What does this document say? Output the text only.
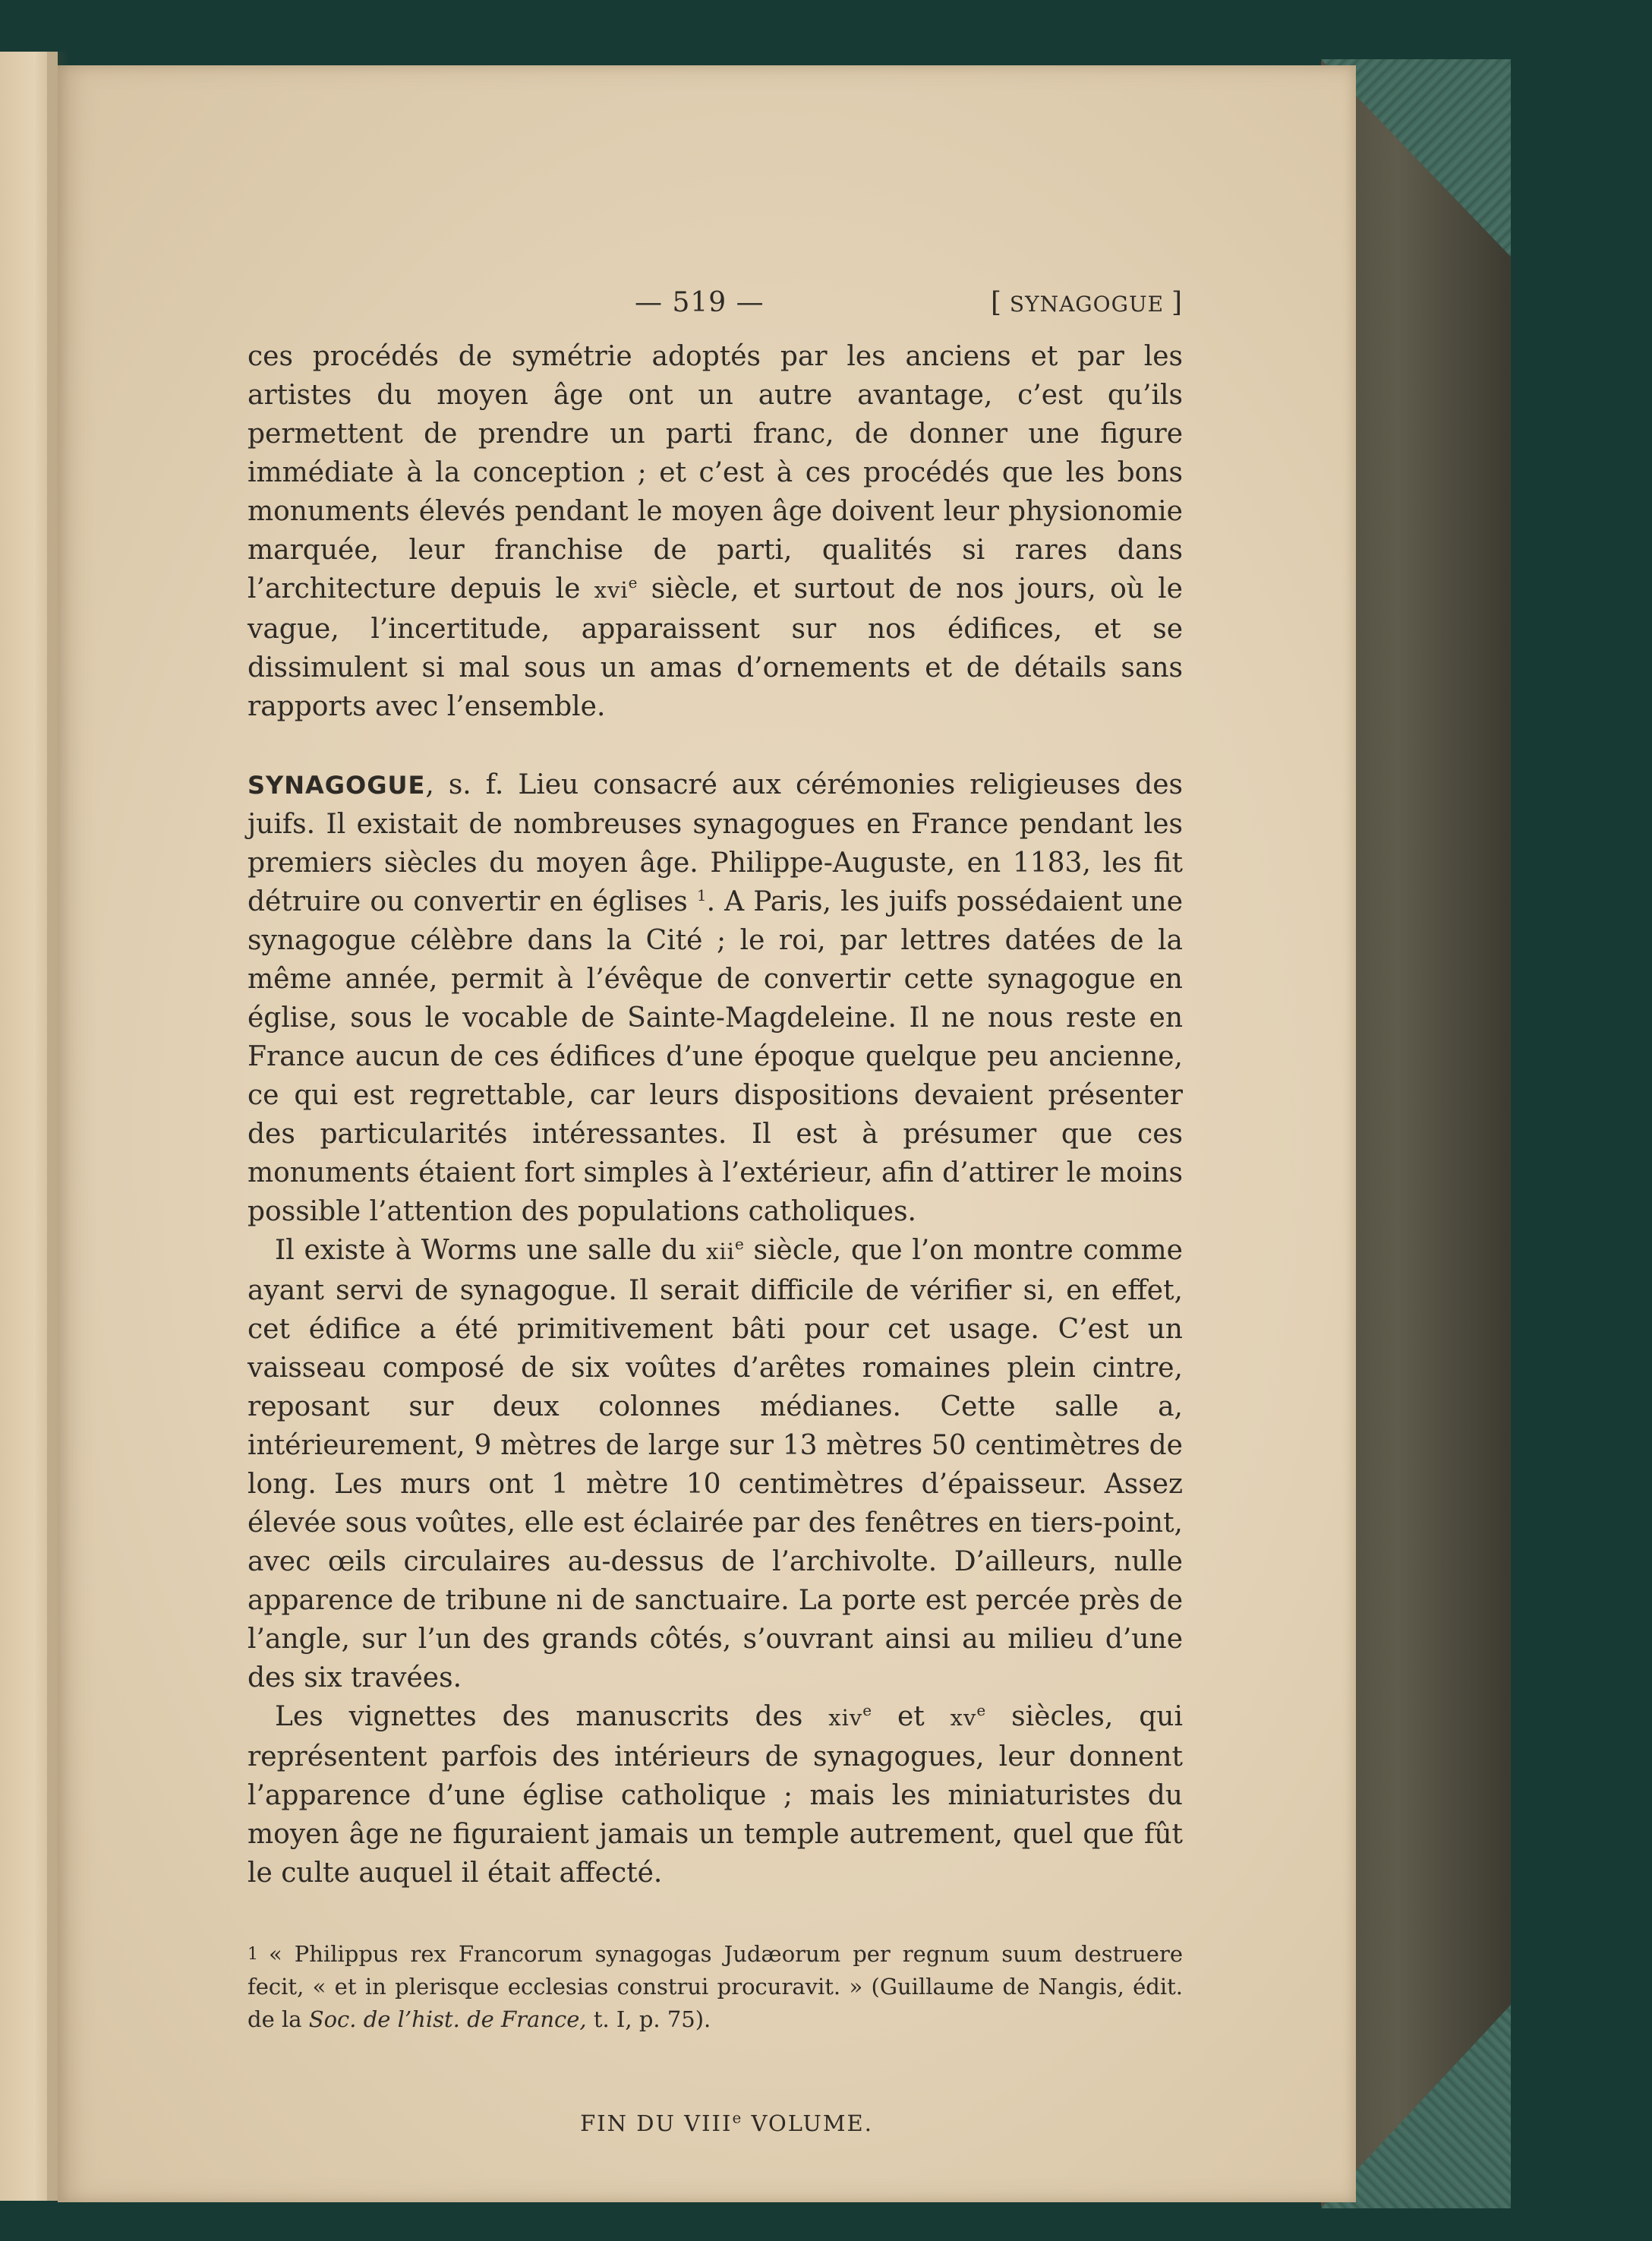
— 519 —	[ SYNAGOGUE ]

ces procédés de symétrie adoptés par les anciens et par les artistes du moyen âge ont un autre avantage, c’est qu’ils permettent de prendre un parti franc, de donner une figure immédiate à la conception ; et c’est à ces procédés que les bons monuments élevés pendant le moyen âge doivent leur physionomie marquée, leur franchise de parti, qualités si rares dans l’architecture depuis le xvi$^e$ siècle, et surtout de nos jours, où le vague, l’incertitude, apparaissent sur nos édifices, et se dissimulent si mal sous un amas d’ornements et de détails sans rapports avec l’ensemble.

SYNAGOGUE, s. f. Lieu consacré aux cérémonies religieuses des juifs. Il existait de nombreuses synagogues en France pendant les premiers siècles du moyen âge. Philippe-Auguste, en 1183, les fit détruire ou convertir en églises $^1$. A Paris, les juifs possédaient une synagogue célèbre dans la Cité ; le roi, par lettres datées de la même année, permit à l’évêque de convertir cette synagogue en église, sous le vocable de Sainte-Magdeleine. Il ne nous reste en France aucun de ces édifices d’une époque quelque peu ancienne, ce qui est regrettable, car leurs dispositions devaient présenter des particularités intéressantes. Il est à présumer que ces monuments étaient fort simples à l’extérieur, afin d’attirer le moins possible l’attention des populations catholiques.

Il existe à Worms une salle du xii$^e$ siècle, que l’on montre comme ayant servi de synagogue. Il serait difficile de vérifier si, en effet, cet édifice a été primitivement bâti pour cet usage. C’est un vaisseau composé de six voûtes d’arêtes romaines plein cintre, reposant sur deux colonnes médianes. Cette salle a, intérieurement, 9 mètres de large sur 13 mètres 50 centimètres de long. Les murs ont 1 mètre 10 centimètres d’épaisseur. Assez élevée sous voûtes, elle est éclairée par des fenêtres en tiers-point, avec œils circulaires au-dessus de l’archivolte. D’ailleurs, nulle apparence de tribune ni de sanctuaire. La porte est percée près de l’angle, sur l’un des grands côtés, s’ouvrant ainsi au milieu d’une des six travées.

Les vignettes des manuscrits des xiv$^e$ et $xv^e$ siècles, qui représentent parfois des intérieurs de synagogues, leur donnent l’apparence d’une église catholique ; mais les miniaturistes du moyen âge ne figuraient jamais un temple autrement, quel que fût le culte auquel il était affecté.

$^1$ « Philippus rex Francorum synagogas Judæorum per regnum suum destruere fecit, « et in plerisque ecclesias construi procuravit. » (Guillaume de Nangis, édit. de la Soc. de l’hist. de France, t. I, p. 75).

FIN DU VIIIe VOLUME.
